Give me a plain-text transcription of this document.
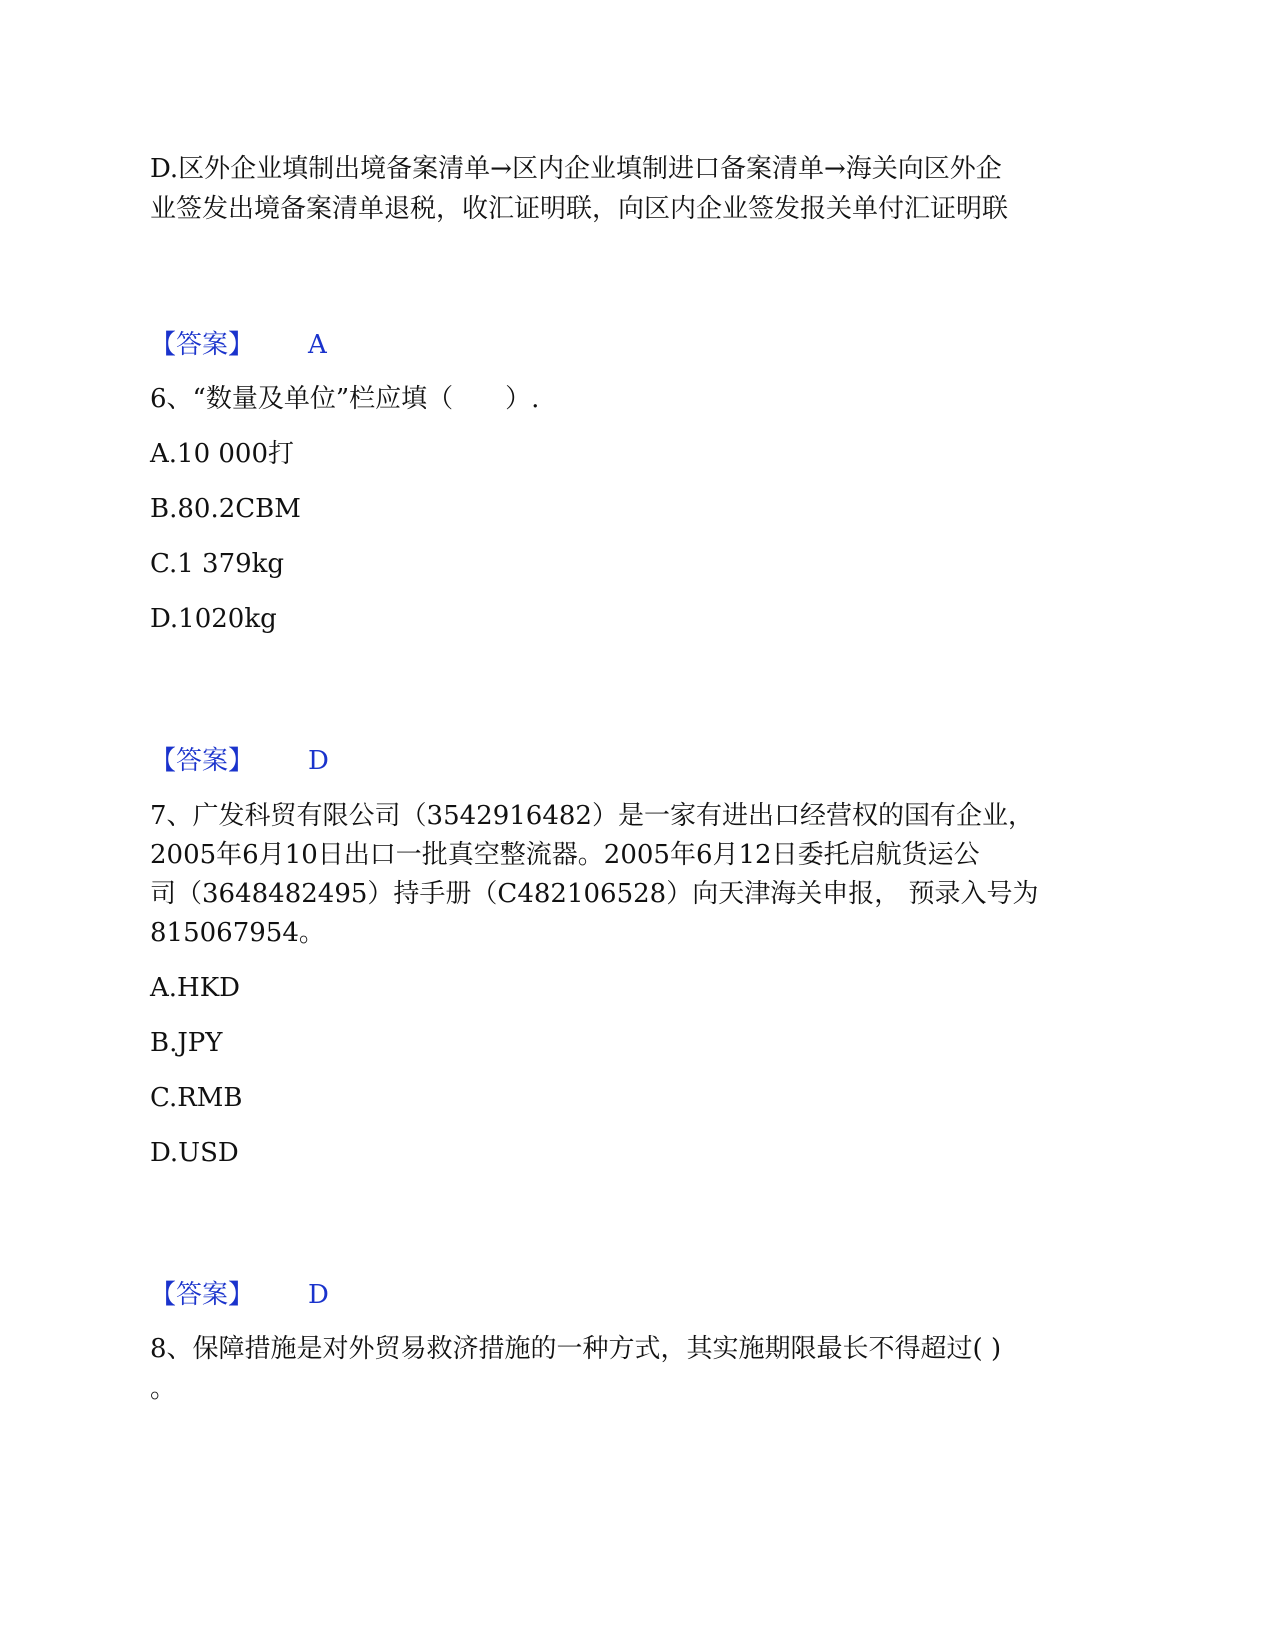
D.区外企业填制出境备案清单→区内企业填制进口备案清单→海关向区外企
业签发出境备案清单退税，收汇证明联，向区内企业签发报关单付汇证明联
【答案】 A
6、“数量及单位”栏应填（　　）.
A.10 000打
B.80.2CBM
C.1 379kg
D.1020kg
【答案】 D
7、广发科贸有限公司（3542916482）是一家有进出口经营权的国有企业，
2005年6月10日出口一批真空整流器。2005年6月12日委托启航货运公
司（3648482495）持手册（C482106528）向天津海关申报， 预录入号为
815067954。
A.HKD
B.JPY
C.RMB
D.USD
【答案】 D
8、保障措施是对外贸易救济措施的一种方式，其实施期限最长不得超过( )
。
